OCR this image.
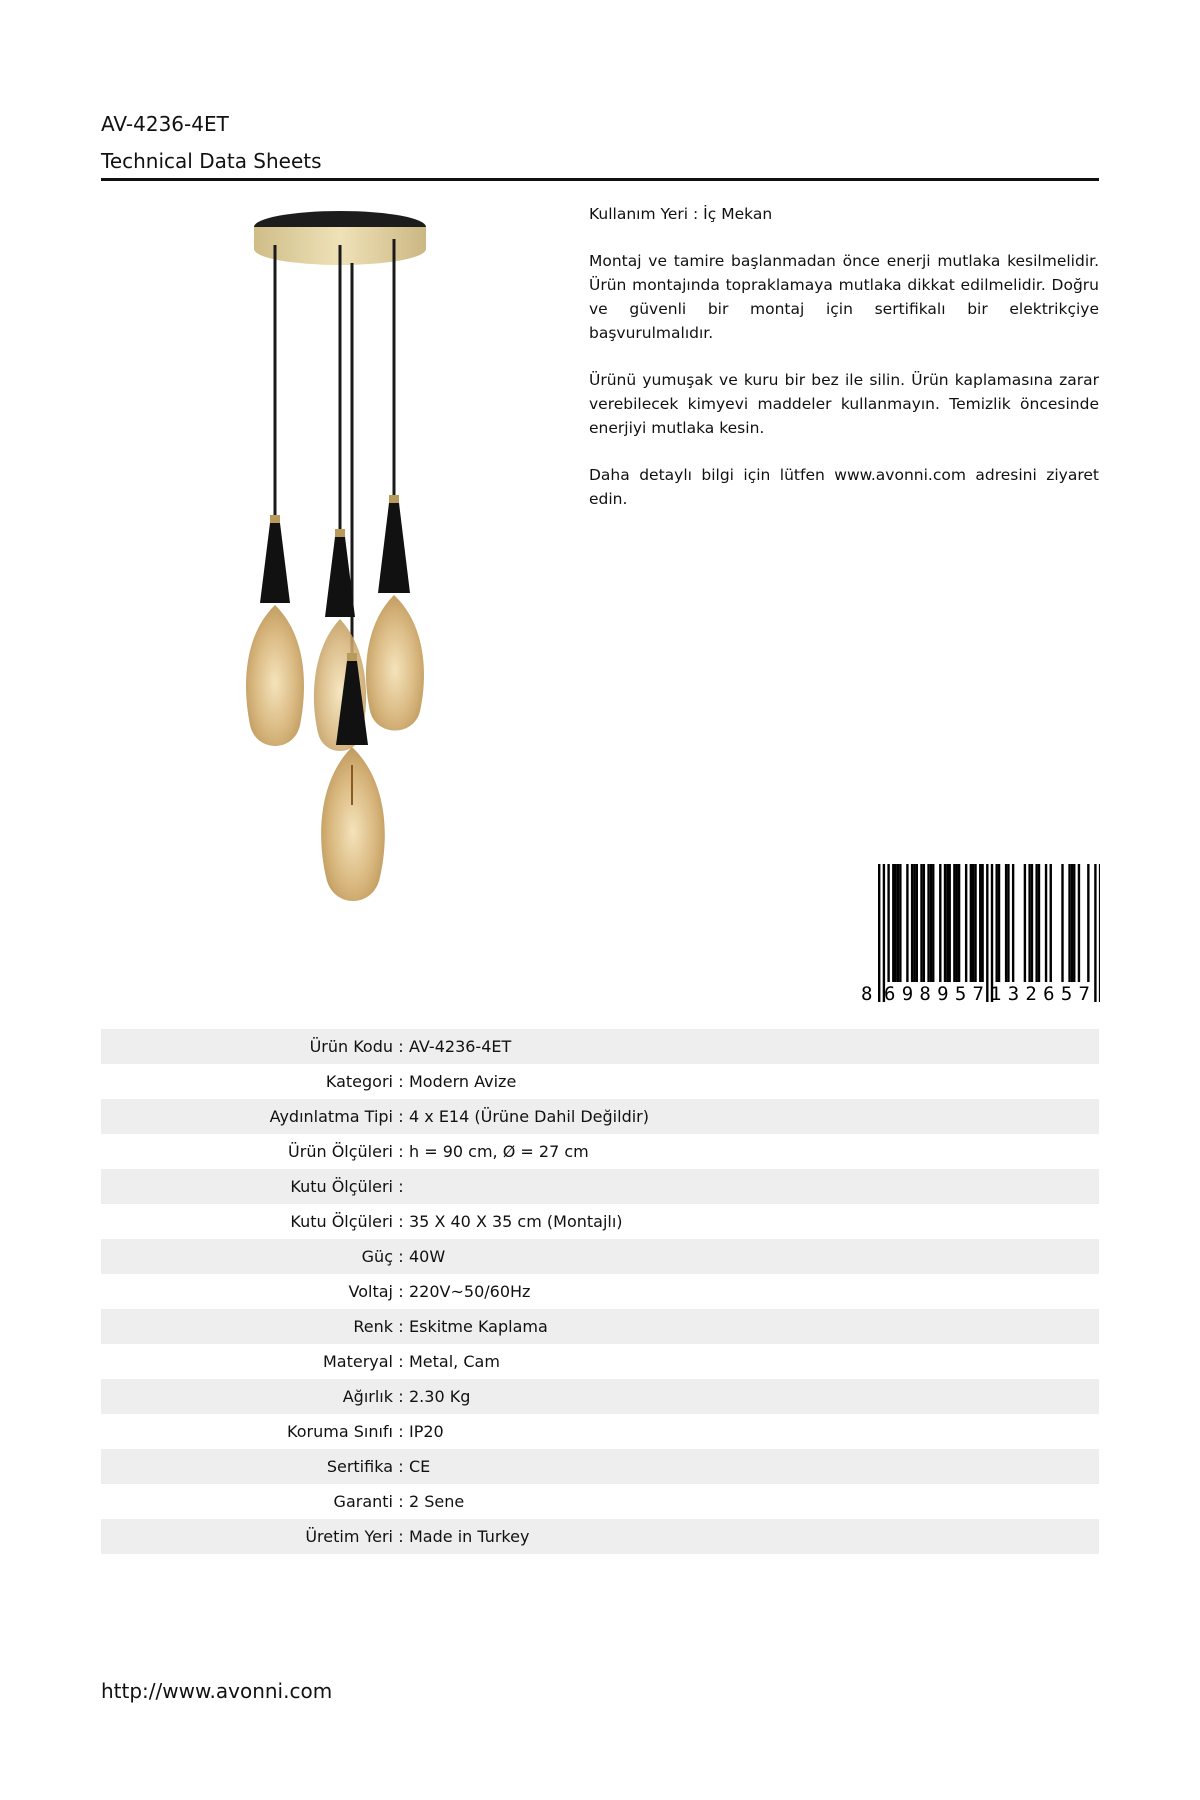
AV-4236-4ET
Technical Data Sheets

Kullanım Yeri : İç Mekan

Montaj ve tamire başlanmadan önce enerji mutlaka kesilmelidir. Ürün montajında topraklamaya mutlaka dikkat edilmelidir. Doğru ve güvenli bir montaj için sertifikalı bir elektrikçiye başvurulmalıdır.

Ürünü yumuşak ve kuru bir bez ile silin. Ürün kaplamasına zarar verebilecek kimyevi maddeler kullanmayın. Temizlik öncesinde enerjiyi mutlaka kesin.

Daha detaylı bilgi için lütfen www.avonni.com adresini ziyaret edin.

8 698957 132657
Ürün Kodu : AV-4236-4ET
Kategori : Modern Avize
Aydınlatma Tipi : 4 x E14 (Ürüne Dahil Değildir)
Ürün Ölçüleri : h = 90 cm, Ø = 27 cm
Kutu Ölçüleri :
Kutu Ölçüleri : 35 X 40 X 35 cm (Montajlı)
Güç : 40W
Voltaj : 220V~50/60Hz
Renk : Eskitme Kaplama
Materyal : Metal, Cam
Ağırlık : 2.30 Kg
Koruma Sınıfı : IP20
Sertifika : CE
Garanti : 2 Sene
Üretim Yeri : Made in Turkey
http://www.avonni.com
